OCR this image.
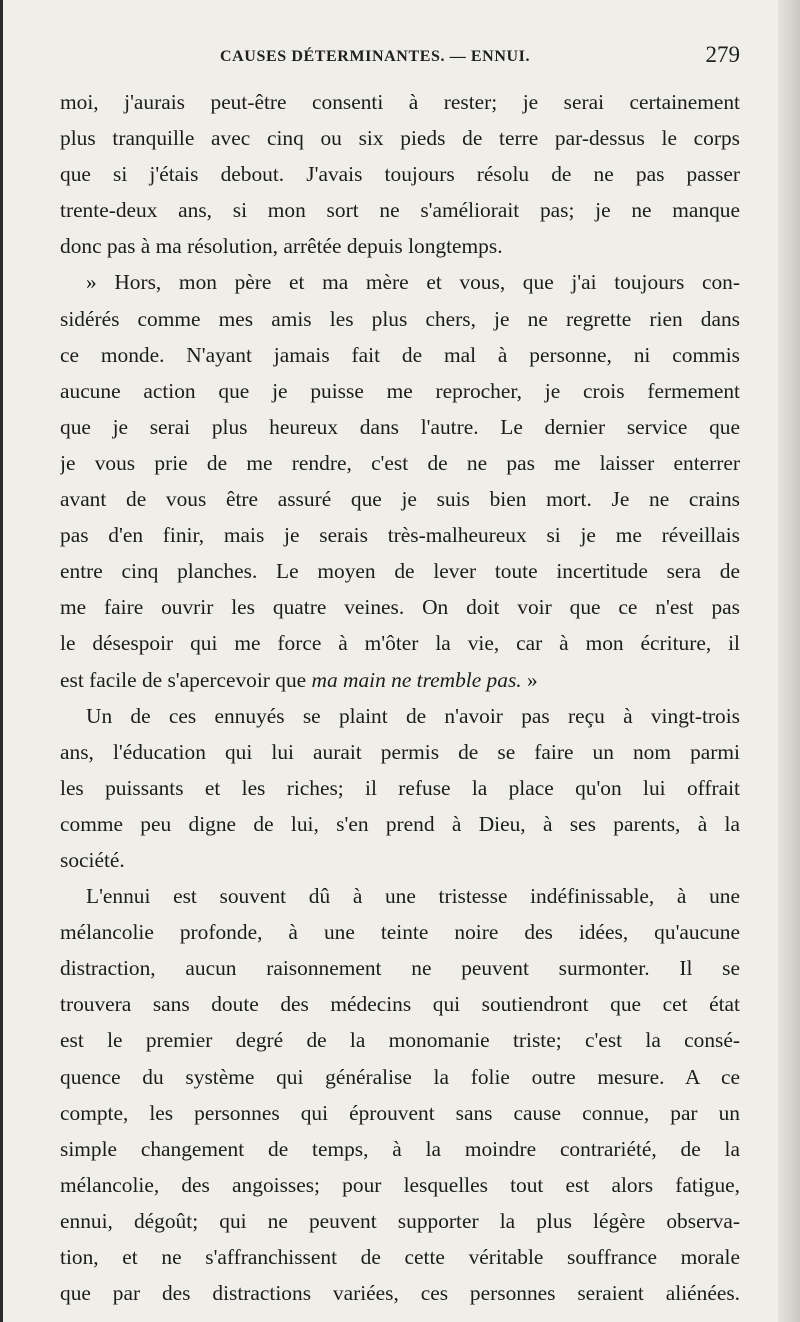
CAUSES DÉTERMINANTES. — ENNUI.	279
moi, j'aurais peut-être consenti à rester; je serai certainement
plus tranquille avec cinq ou six pieds de terre par-dessus le corps
que si j'étais debout. J'avais toujours résolu de ne pas passer
trente-deux ans, si mon sort ne s'améliorait pas; je ne manque
donc pas à ma résolution, arrêtée depuis longtemps.
» Hors, mon père et ma mère et vous, que j'ai toujours con-
sidérés comme mes amis les plus chers, je ne regrette rien dans
ce monde. N'ayant jamais fait de mal à personne, ni commis
aucune action que je puisse me reprocher, je crois fermement
que je serai plus heureux dans l'autre. Le dernier service que
je vous prie de me rendre, c'est de ne pas me laisser enterrer
avant de vous être assuré que je suis bien mort. Je ne crains
pas d'en finir, mais je serais très-malheureux si je me réveillais
entre cinq planches. Le moyen de lever toute incertitude sera de
me faire ouvrir les quatre veines. On doit voir que ce n'est pas
le désespoir qui me force à m'ôter la vie, car à mon écriture, il
est facile de s'apercevoir que ma main ne tremble pas. »
Un de ces ennuyés se plaint de n'avoir pas reçu à vingt-trois
ans, l'éducation qui lui aurait permis de se faire un nom parmi
les puissants et les riches; il refuse la place qu'on lui offrait
comme peu digne de lui, s'en prend à Dieu, à ses parents, à la
société.
L'ennui est souvent dû à une tristesse indéfinissable, à une
mélancolie profonde, à une teinte noire des idées, qu'aucune
distraction, aucun raisonnement ne peuvent surmonter. Il se
trouvera sans doute des médecins qui soutiendront que cet état
est le premier degré de la monomanie triste; c'est la consé-
quence du système qui généralise la folie outre mesure. A ce
compte, les personnes qui éprouvent sans cause connue, par un
simple changement de temps, à la moindre contrariété, de la
mélancolie, des angoisses; pour lesquelles tout est alors fatigue,
ennui, dégoût; qui ne peuvent supporter la plus légère observa-
tion, et ne s'affranchissent de cette véritable souffrance morale
que par des distractions variées, ces personnes seraient aliénées.
